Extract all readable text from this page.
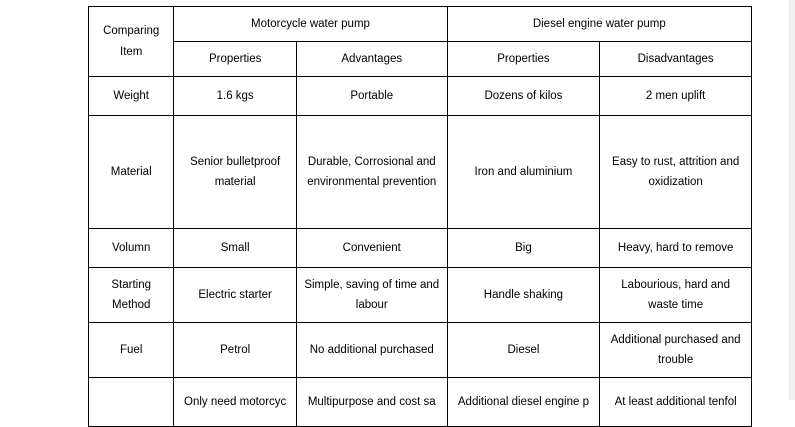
Comparing Item	Motorcycle water pump		Diesel engine water pump	
	Properties	Advantages	Properties	Disadvantages
Weight	1.6 kgs	Portable	Dozens of kilos	2 men uplift
Material	Senior bulletproof material	Durable, Corrosional and environmental prevention	Iron and aluminium	Easy to rust, attrition and oxidization
Volumn	Small	Convenient	Big	Heavy, hard to remove
Starting Method	Electric starter	Simple, saving of time and labour	Handle shaking	Labourious, hard and waste time
Fuel	Petrol	No additional purchased	Diesel	Additional purchased and trouble
	Only need motorcyc	Multipurpose and cost sa	Additional diesel engine p	At least additional tenfol
